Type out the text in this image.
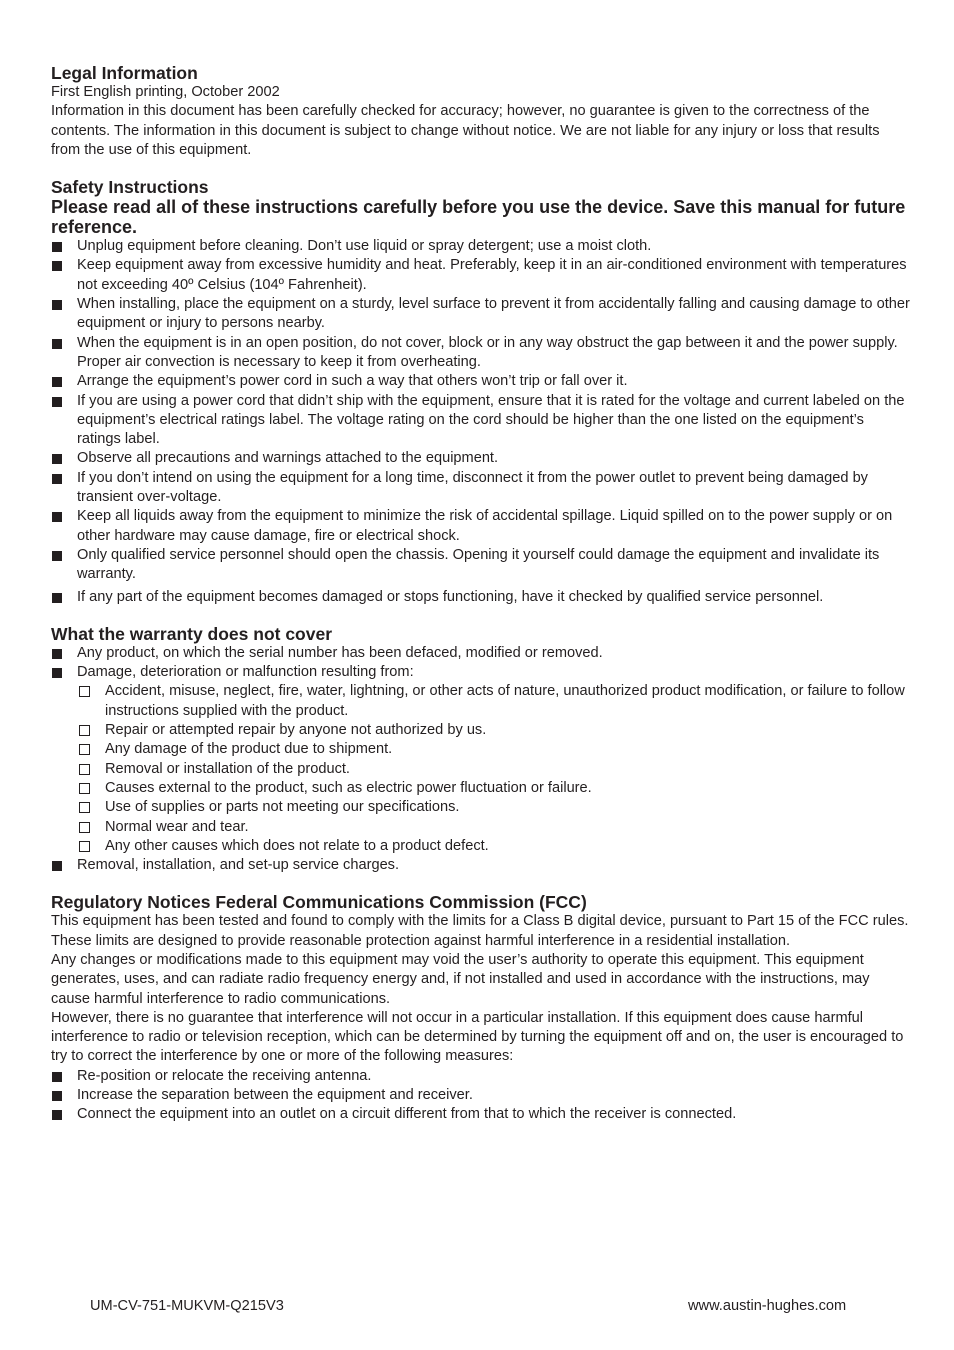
Legal Information

First English printing, October 2002

Information in this document has been carefully checked for accuracy; however, no guarantee is given to the correctness of the contents. The information in this document is subject to change without notice. We are not liable for any injury or loss that results from the use of this equipment.

Safety Instructions

Please read all of these instructions carefully before you use the device. Save this manual for future reference.

Unplug equipment before cleaning. Don’t use liquid or spray detergent; use a moist cloth.
Keep equipment away from excessive humidity and heat. Preferably, keep it in an air-conditioned environment with temperatures not exceeding 40º Celsius (104º Fahrenheit).
When installing, place the equipment on a sturdy, level surface to prevent it from accidentally falling and causing damage to other equipment or injury to persons nearby.
When the equipment is in an open position, do not cover, block or in any way obstruct the gap between it and the power supply. Proper air convection is necessary to keep it from overheating.
Arrange the equipment’s power cord in such a way that others won’t trip or fall over it.
If you are using a power cord that didn’t ship with the equipment, ensure that it is rated for the voltage and current labeled on the equipment’s electrical ratings label. The voltage rating on the cord should be higher than the one listed on the equipment’s ratings label.
Observe all precautions and warnings attached to the equipment.
If you don’t intend on using the equipment for a long time, disconnect it from the power outlet to prevent being damaged by transient over-voltage.
Keep all liquids away from the equipment to minimize the risk of accidental spillage. Liquid spilled on to the power supply or on other hardware may cause damage, fire or electrical shock.
Only qualified service personnel should open the chassis. Opening it yourself could damage the equipment and invalidate its warranty.
If any part of the equipment becomes damaged or stops functioning, have it checked by qualified service personnel.
What the warranty does not cover
Any product, on which the serial number has been defaced, modified or removed.
Damage, deterioration or malfunction resulting from:
Accident, misuse, neglect, fire, water, lightning, or other acts of nature, unauthorized product modification, or failure to follow instructions supplied with the product.
Repair or attempted repair by anyone not authorized by us.
Any damage of the product due to shipment.
Removal or installation of the product.
Causes external to the product, such as electric power fluctuation or failure.
Use of supplies or parts not meeting our specifications.
Normal wear and tear.
Any other causes which does not relate to a product defect.
Removal, installation, and set-up service charges.
Regulatory Notices Federal Communications Commission (FCC)

This equipment has been tested and found to comply with the limits for a Class B digital device, pursuant to Part 15 of the FCC rules. These limits are designed to provide reasonable protection against harmful interference in a residential installation.

Any changes or modifications made to this equipment may void the user’s authority to operate this equipment. This equipment generates, uses, and can radiate radio frequency energy and, if not installed and used in accordance with the instructions, may cause harmful interference to radio communications.

However, there is no guarantee that interference will not occur in a particular installation. If this equipment does cause harmful interference to radio or television reception, which can be determined by turning the equipment off and on, the user is encouraged to try to correct the interference by one or more of the following measures:

Re-position or relocate the receiving antenna.
Increase the separation between the equipment and receiver.
Connect the equipment into an outlet on a circuit different from that to which the receiver is connected.
UM-CV-751-MUKVM-Q215V3	www.austin-hughes.com
